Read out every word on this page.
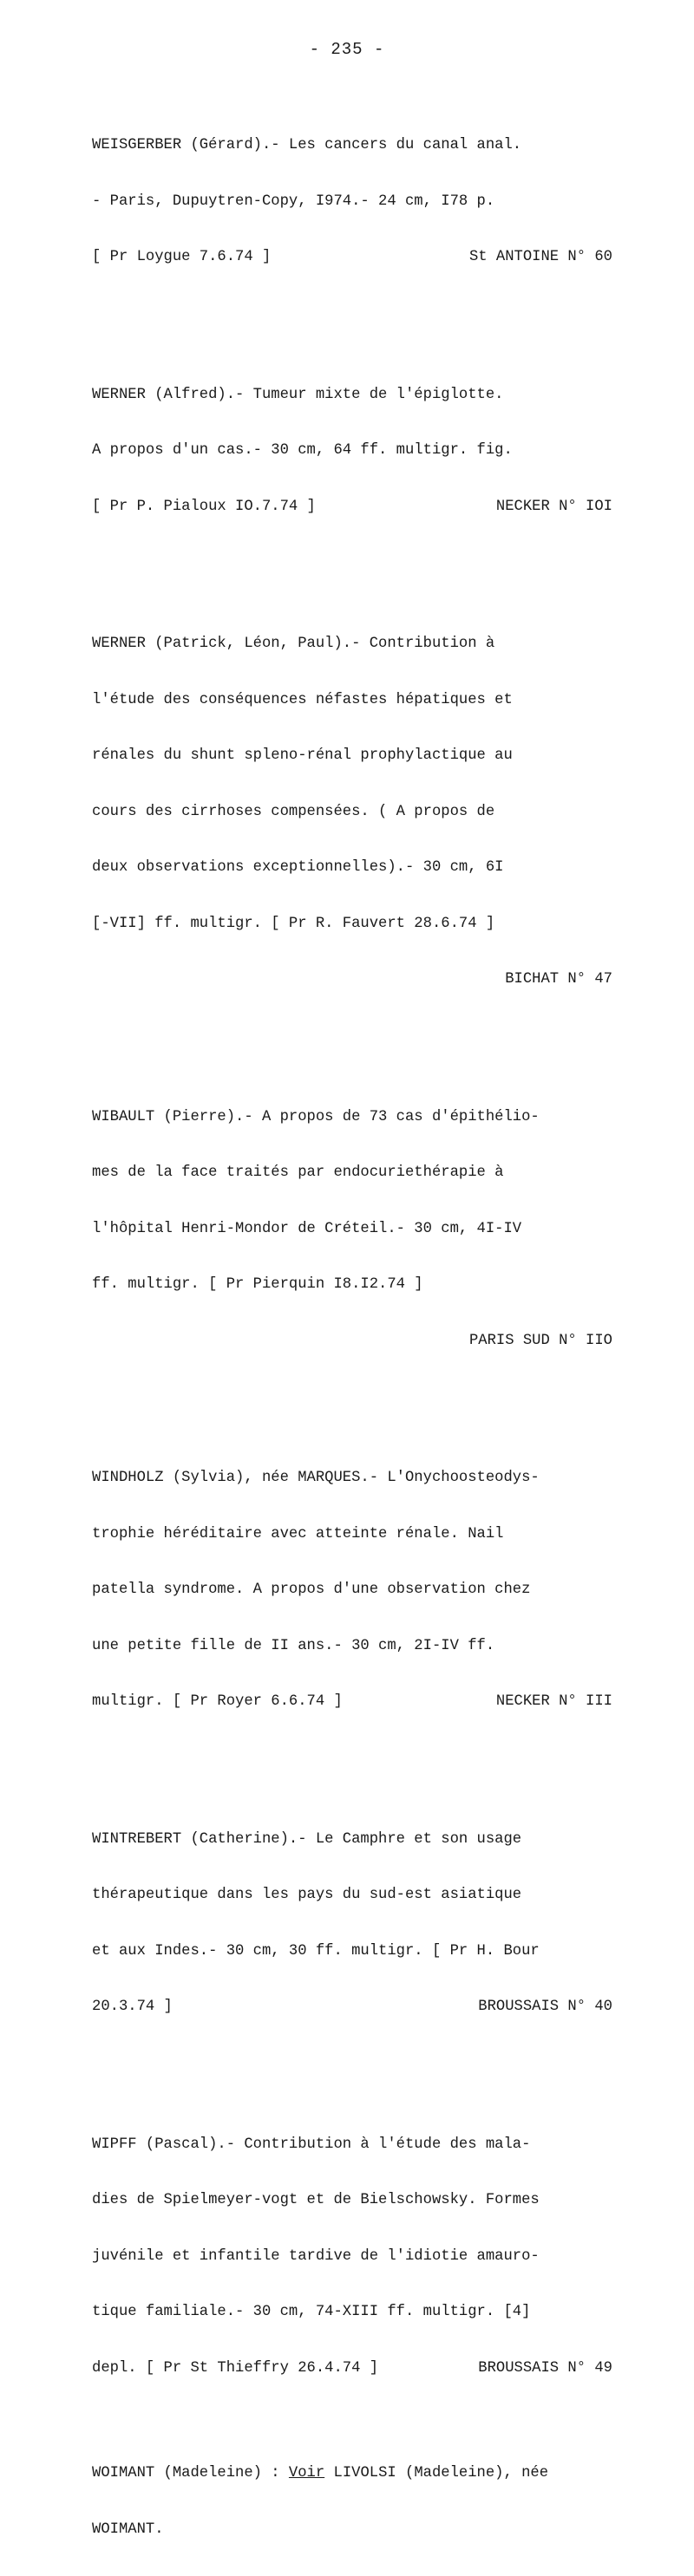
- 235 -

WEISGERBER (Gérard).- Les cancers du canal anal.

- Paris, Dupuytren-Copy, I974.- 24 cm, I78 p.

[ Pr Loygue 7.6.74 ]	St ANTOINE N° 60

WERNER (Alfred).- Tumeur mixte de l'épiglotte.

A propos d'un cas.- 30 cm, 64 ff. multigr. fig.

[ Pr P. Pialoux IO.7.74 ]	NECKER N° IOI

WERNER (Patrick, Léon, Paul).- Contribution à

l'étude des conséquences néfastes hépatiques et

rénales du shunt spleno-rénal prophylactique au

cours des cirrhoses compensées. ( A propos de

deux observations exceptionnelles).- 30 cm, 6I

[-VII] ff. multigr. [ Pr R. Fauvert 28.6.74 ]

BICHAT N° 47

WIBAULT (Pierre).- A propos de 73 cas d'épithélio-

mes de la face traités par endocuriethérapie à

l'hôpital Henri-Mondor de Créteil.- 30 cm, 4I-IV

ff. multigr. [ Pr Pierquin I8.I2.74 ]

PARIS SUD N° IIO

WINDHOLZ (Sylvia), née MARQUES.- L'Onychoosteodys-

trophie héréditaire avec atteinte rénale. Nail

patella syndrome. A propos d'une observation chez

une petite fille de II ans.- 30 cm, 2I-IV ff.

multigr. [ Pr Royer 6.6.74 ]	NECKER N° III

WINTREBERT (Catherine).- Le Camphre et son usage

thérapeutique dans les pays du sud-est asiatique

et aux Indes.- 30 cm, 30 ff. multigr. [ Pr H. Bour

20.3.74 ]	BROUSSAIS N° 40

WIPFF (Pascal).- Contribution à l'étude des mala-

dies de Spielmeyer-vogt et de Bielschowsky. Formes

juvénile et infantile tardive de l'idiotie amauro-

tique familiale.- 30 cm, 74-XIII ff. multigr. [4]

depl. [ Pr St Thieffry 26.4.74 ]	BROUSSAIS N° 49

WOIMANT (Madeleine) : Voir LIVOLSI (Madeleine), née

WOIMANT.
